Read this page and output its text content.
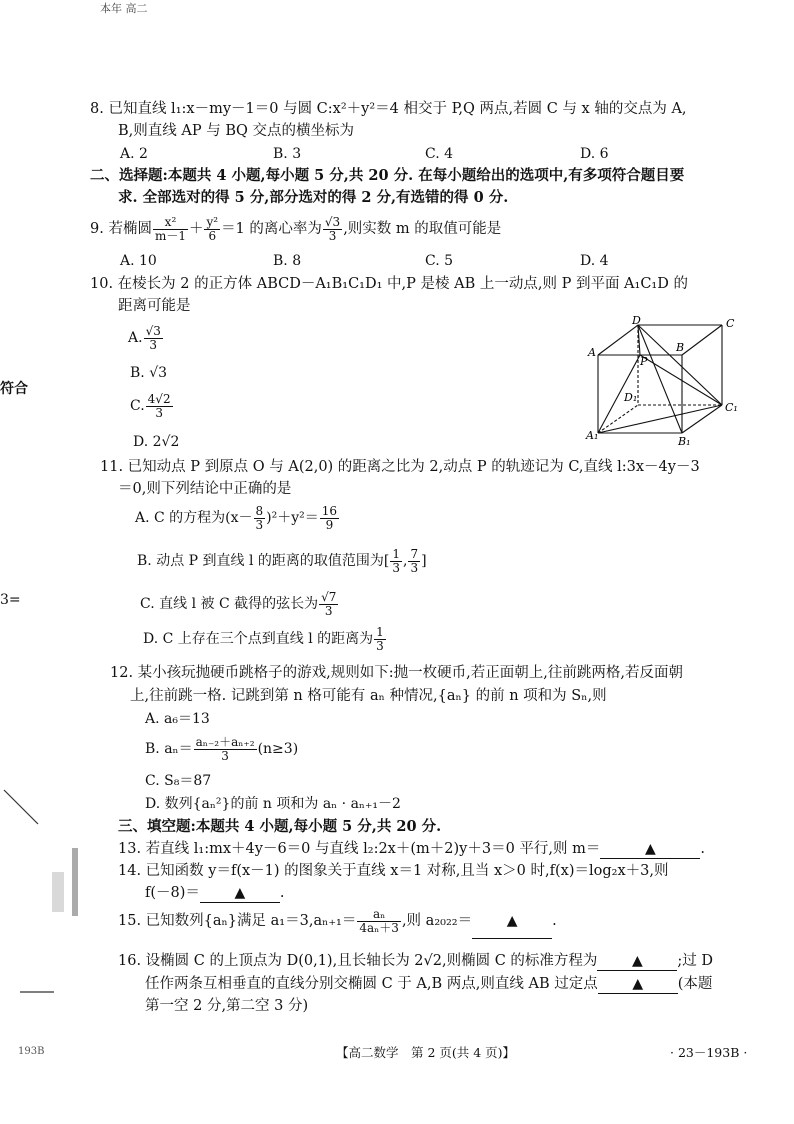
本年 高二
8. 已知直线 l₁:x－my－1＝0 与圆 C:x²＋y²＝4 相交于 P,Q 两点,若圆 C 与 x 轴的交点为 A,
B,则直线 AP 与 BQ 交点的横坐标为
A. 2	B. 3	C. 4	D. 6
二、选择题:本题共 4 小题,每小题 5 分,共 20 分. 在每小题给出的选项中,有多项符合题目要
求. 全部选对的得 5 分,部分选对的得 2 分,有选错的得 0 分.
9. 若椭圆 $\frac{\text{x²}}{m-1} + \frac{\text{y²}}{6} =1$ 的离心率为 $\frac{√3}{3}$ ,则实数 m 的取值可能是
A. 10	B. 8	C. 5	D. 4
10. 在棱长为 2 的正方体 ABCD－A₁B₁C₁D₁ 中,P 是棱 AB 上一动点,则 P 到平面 A₁C₁D 的
距离可能是
A. $\frac{√3}{3}$
B. √3
C. $\frac{4√2}{3}$
D. 2√2
D	C
A	B
P
D₁
C₁
A₁	B₁
11. 已知动点 P 到原点 O 与 A(2,0) 的距离之比为 2,动点 P 的轨迹记为 C,直线 l:3x－4y－3
＝0,则下列结论中正确的是
A. C 的方程为$(x- \frac{8}{3} )^2+y^2= \frac{16}{9}$
B. 动点 P 到直线 l 的距离的取值范围为[ $\frac{1}{3}$ , $\frac{7}{3}$ ]
C. 直线 l 被 C 截得的弦长为 $\frac{√7}{3}$
D. C 上存在三个点到直线 l 的距离为 $\frac{1}{3}$
12. 某小孩玩抛硬币跳格子的游戏,规则如下:抛一枚硬币,若正面朝上,往前跳两格,若反面朝
上,往前跳一格. 记跳到第 n 格可能有 aₙ 种情况,{aₙ} 的前 n 项和为 Sₙ,则
A. a₆＝13
B. $a_n= \frac{\text{aₙ₋₂＋aₙ₊₂}}{3} (n\ge 3)$
C. S₈＝87
D. 数列{aₙ²}的前 n 项和为 aₙ · aₙ₊₁－2
三、填空题:本题共 4 小题,每小题 5 分,共 20 分.
13. 若直线 l₁:mx＋4y－6＝0 与直线 l₂:2x＋(m＋2)y＋3＝0 平行,则 m＝	▲	.
14. 已知函数 y＝f(x－1) 的图象关于直线 x＝1 对称,且当 x＞0 时,f(x)＝log₂x＋3,则
f(－8)＝ ▲ .
15. 已知数列{aₙ}满足 $a_1=3,a_{n+1}= \frac{\text{aₙ}}{\text{4aₙ＋3}}$ ,则 a₂₀₂₂＝ ▲ .
16. 设椭圆 C 的上顶点为 D(0,1),且长轴长为 2√2,则椭圆 C 的标准方程为 ▲ ;过 D
任作两条互相垂直的直线分别交椭圆 C 于 A,B 两点,则直线 AB 过定点 ▲ (本题
第一空 2 分,第二空 3 分)
符合
3=
193B	【高二数学　第 2 页(共 4 页)】	· 23－193B ·
